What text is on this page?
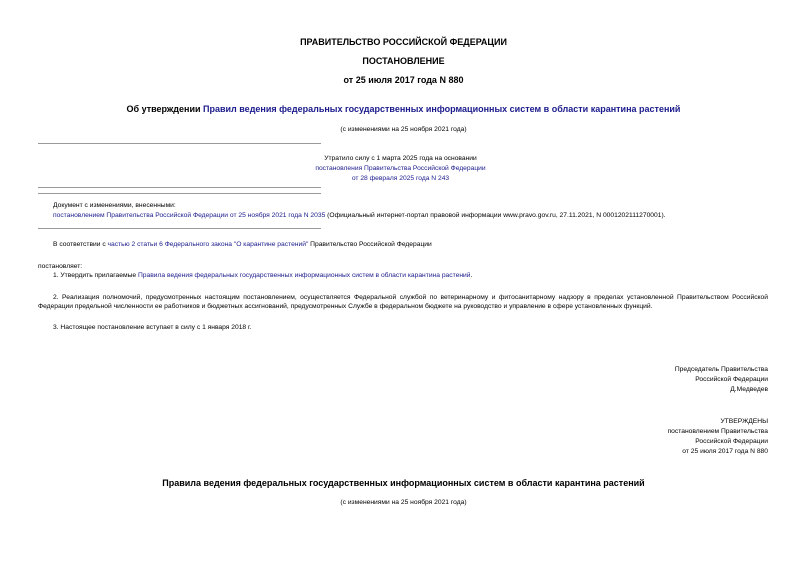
ПРАВИТЕЛЬСТВО РОССИЙСКОЙ ФЕДЕРАЦИИ
ПОСТАНОВЛЕНИЕ
от 25 июля 2017 года N 880
Об утверждении Правил ведения федеральных государственных информационных систем в области карантина растений
(с изменениями на 25 ноября 2021 года)
Утратило силу с 1 марта 2025 года на основании
постановления Правительства Российской Федерации
от 28 февраля 2025 года N 243
Документ с изменениями, внесенными:
постановлением Правительства Российской Федерации от 25 ноября 2021 года N 2035 (Официальный интернет-портал правовой информации www.pravo.gov.ru, 27.11.2021, N 0001202111270001).
В соответствии с частью 2 статьи 6 Федерального закона "О карантине растений" Правительство Российской Федерации
постановляет:
1. Утвердить прилагаемые Правила ведения федеральных государственных информационных систем в области карантина растений.
2. Реализация полномочий, предусмотренных настоящим постановлением, осуществляется Федеральной службой по ветеринарному и фитосанитарному надзору в пределах установленной Правительством Российской Федерации предельной численности ее работников и бюджетных ассигнований, предусмотренных Службе в федеральном бюджете на руководство и управление в сфере установленных функций.
3. Настоящее постановление вступает в силу с 1 января 2018 г.
Председатель Правительства
Российской Федерации
Д.Медведев
УТВЕРЖДЕНЫ
постановлением Правительства
Российской Федерации
от 25 июля 2017 года N 880
Правила ведения федеральных государственных информационных систем в области карантина растений
(с изменениями на 25 ноября 2021 года)
